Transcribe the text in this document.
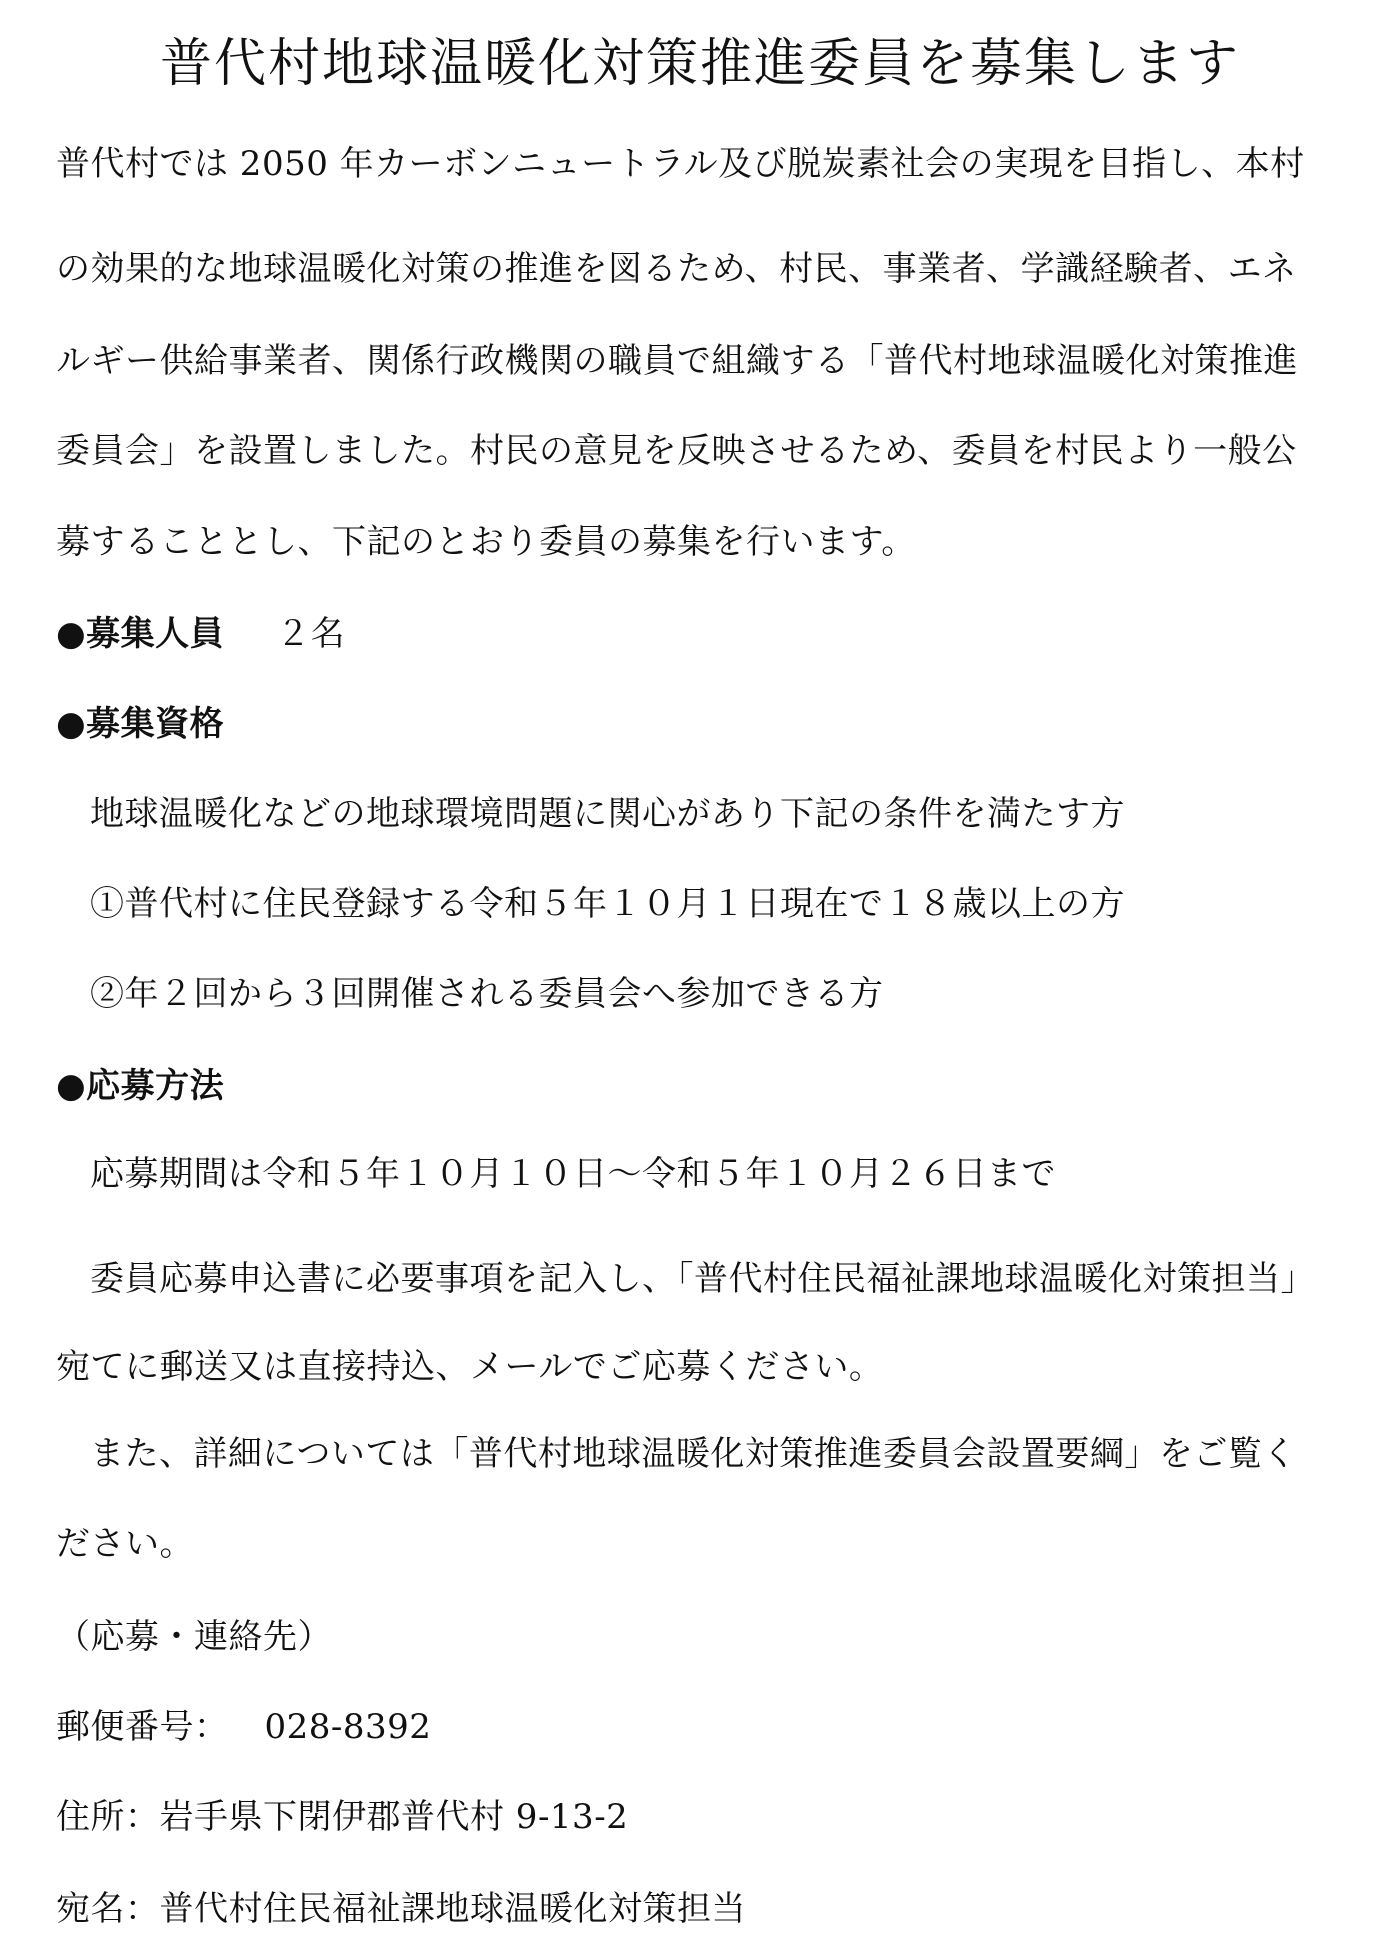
普代村地球温暖化対策推進委員を募集します
普代村では 2050 年カーボンニュートラル及び脱炭素社会の実現を目指し、本村
の効果的な地球温暖化対策の推進を図るため、村民、事業者、学識経験者、エネ
ルギー供給事業者、関係行政機関の職員で組織する「普代村地球温暖化対策推進
委員会」を設置しました。村民の意見を反映させるため、委員を村民より一般公
募することとし、下記のとおり委員の募集を行います。
●募集人員 ２名
●募集資格
地球温暖化などの地球環境問題に関心があり下記の条件を満たす方
①普代村に住民登録する令和５年１０月１日現在で１８歳以上の方
②年２回から３回開催される委員会へ参加できる方
●応募方法
応募期間は令和５年１０月１０日～令和５年１０月２６日まで
委員応募申込書に必要事項を記入し、「普代村住民福祉課地球温暖化対策担当」
宛てに郵送又は直接持込、メールでご応募ください。
また、詳細については「普代村地球温暖化対策推進委員会設置要綱」をご覧く
ださい。
（応募・連絡先）
郵便番号： 028-8392
住所：岩手県下閉伊郡普代村 9-13-2
宛名：普代村住民福祉課地球温暖化対策担当
